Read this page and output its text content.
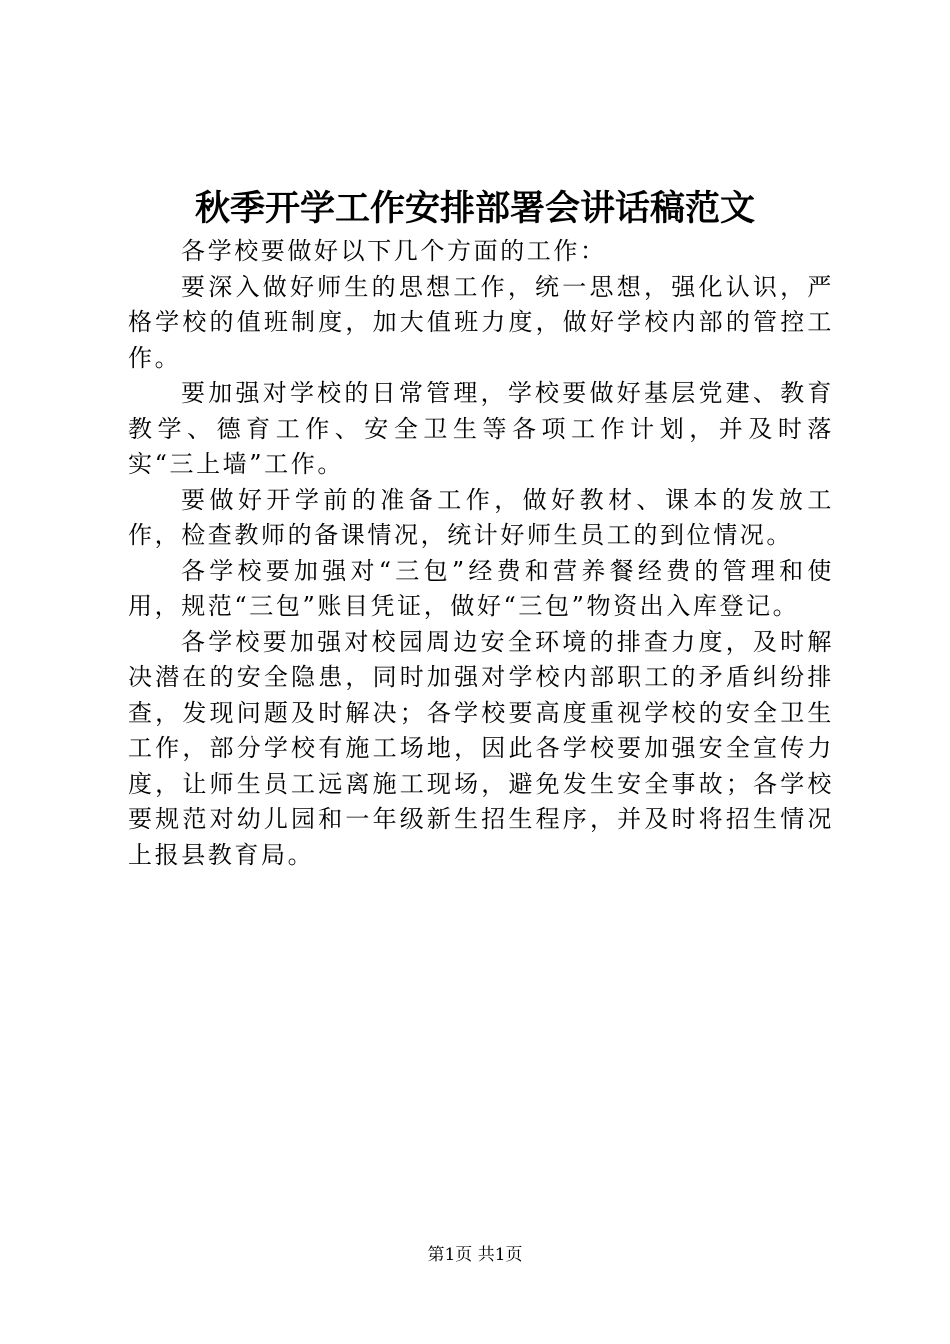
秋季开学工作安排部署会讲话稿范文

各学校要做好以下几个方面的工作：

要深入做好师生的思想工作，统一思想，强化认识，严格学校的值班制度，加大值班力度，做好学校内部的管控工作。

要加强对学校的日常管理，学校要做好基层党建、教育教学、德育工作、安全卫生等各项工作计划，并及时落实“三上墙”工作。

要做好开学前的准备工作，做好教材、课本的发放工作，检查教师的备课情况，统计好师生员工的到位情况。

各学校要加强对“三包”经费和营养餐经费的管理和使用，规范“三包”账目凭证，做好“三包”物资出入库登记。

各学校要加强对校园周边安全环境的排查力度，及时解决潜在的安全隐患，同时加强对学校内部职工的矛盾纠纷排查，发现问题及时解决；各学校要高度重视学校的安全卫生工作，部分学校有施工场地，因此各学校要加强安全宣传力度，让师生员工远离施工现场，避免发生安全事故；各学校要规范对幼儿园和一年级新生招生程序，并及时将招生情况上报县教育局。

第1页 共1页
